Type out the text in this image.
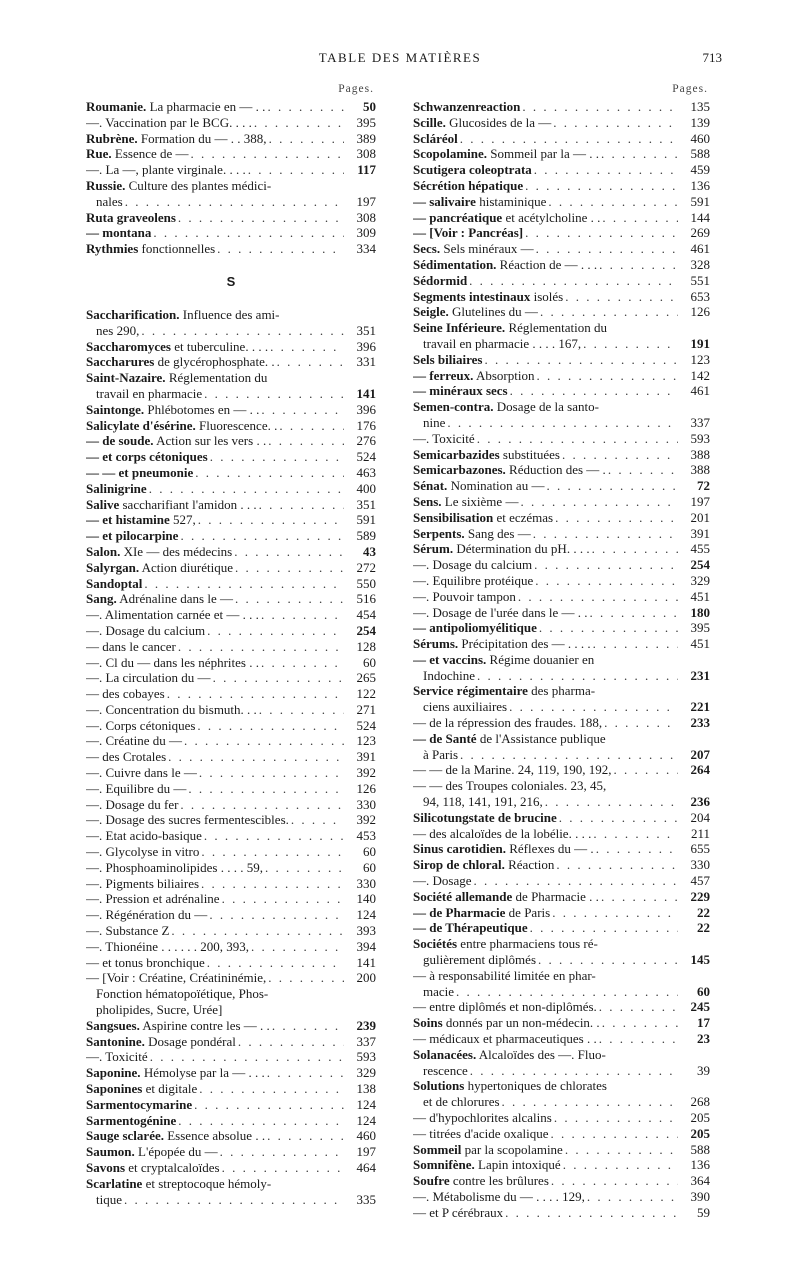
TABLE DES MATIÈRES	713
Pages.
Roumanie. La pharmacie en — . . . . .	50
—. Vaccination par le BCG. . . . . . .	395
Rubrène. Formation du — . . 388, . . .	389
Rue. Essence de — . . .	308
—. La —, plante virginale. . . . . . .	117
Russie. Culture des plantes médici-
nales . . .	197
Ruta graveolens . . .	308
— montana . . .	309
Rythmies fonctionnelles . . .	334
S
Saccharification. Influence des ami-
nes 290, . . .	351
Saccharomyces et tuberculine. . . . . . .	396
Saccharures de glycérophosphate. . . . .	331
Saint-Nazaire. Réglementation du
travail en pharmacie . . .	141
Saintonge. Phlébotomes en — . . . . .	396
Salicylate d'ésérine. Fluorescence. . . . .	176
— de soude. Action sur les vers . . . . .	276
— et corps cétoniques . . .	524
— — et pneumonie . . .	463
Salinigrine . . .	400
Salive saccharifiant l'amidon . . . . . .	351
— et histamine 527, . . .	591
— et pilocarpine . . .	589
Salon. XIe — des médecins . . .	43
Salyrgan. Action diurétique . . .	272
Sandoptal . . .	550
Sang. Adrénaline dans le — . . .	516
—. Alimentation carnée et — . . . . . .	454
—. Dosage du calcium . . .	254
— dans le cancer . . .	128
—. Cl du — dans les néphrites . . . . .	60
—. La circulation du — . . .	265
— des cobayes . . .	122
—. Concentration du bismuth. . . . . .	271
—. Corps cétoniques . . .	524
—. Créatine du — . . .	123
— des Crotales . . .	391
—. Cuivre dans le — . . .	392
—. Equilibre du — . . .	126
—. Dosage du fer . . .	330
—. Dosage des sucres fermentescibles. . . .	392
—. Etat acido-basique . . .	453
—. Glycolyse in vitro . . .	60
—. Phosphoaminolipides . . . . 59, . . .	60
—. Pigments biliaires . . .	330
—. Pression et adrénaline . . .	140
—. Régénération du — . . .	124
—. Substance Z . . .	393
—. Thionéine . . . . . . 200, 393, . . .	394
— et tonus bronchique . . .	141
— [Voir : Créatine, Créatininémie, . . .	200
Fonction hématopoïétique, Phos-
pholipides, Sucre, Urée]
Sangsues. Aspirine contre les — . . . . .	239
Santonine. Dosage pondéral . . .	337
—. Toxicité . . .	593
Saponine. Hémolyse par la — . . . . . .	329
Saponines et digitale . . .	138
Sarmentocymarine . . .	124
Sarmentogénine . . .	124
Sauge sclarée. Essence absolue . . . . .	460
Saumon. L'épopée du — . . .	197
Savons et cryptalcaloïdes . . .	464
Scarlatine et streptocoque hémoly-
tique . . .	335
Pages.
Schwanzenreaction . . .	135
Scille. Glucosides de la — . . .	139
Scláréol . . .	460
Scopolamine. Sommeil par la — . . . . .	588
Scutigera coleoptrata . . .	459
Sécrétion hépatique . . .	136
— salivaire histaminique . . .	591
— pancréatique et acétylcholine . . . . .	144
— [Voir : Pancréas] . . .	269
Secs. Sels minéraux — . . .	461
Sédimentation. Réaction de — . . . . . .	328
Sédormid . . .	551
Segments intestinaux isolés . . .	653
Seigle. Glutelines du — . . .	126
Seine Inférieure. Réglementation du
travail en pharmacie . . . . 167, . . .	191
Sels biliaires . . .	123
— ferreux. Absorption . . .	142
— minéraux secs . . .	461
Semen-contra. Dosage de la santo-
nine . . .	337
—. Toxicité . . .	593
Semicarbazides substituées . . .	388
Semicarbazones. Réduction des — . . . .	388
Sénat. Nomination au — . . .	72
Sens. Le sixième — . . .	197
Sensibilisation et eczémas . . .	201
Serpents. Sang des — . . .	391
Sérum. Détermination du pH. . . . . . .	455
—. Dosage du calcium . . .	254
—. Equilibre protéique . . .	329
—. Pouvoir tampon . . .	451
—. Dosage de l'urée dans le — . . . . .	180
— antipoliomyélitique . . .	395
Sérums. Précipitation des — . . . . . . .	451
— et vaccins. Régime douanier en
Indochine . . .	231
Service régimentaire des pharma-
ciens auxiliaires . . .	221
— de la répression des fraudes. 188, . . .	233
— de Santé de l'Assistance publique
à Paris . . .	207
— — de la Marine. 24, 119, 190, 192, . . .	264
— — des Troupes coloniales. 23, 45,
94, 118, 141, 191, 216, . . .	236
Silicotungstate de brucine . . .	204
— des alcaloïdes de la lobélie. . . . . . .	211
Sinus carotidien. Réflexes du — . . . .	655
Sirop de chloral. Réaction . . .	330
—. Dosage . . .	457
Société allemande de Pharmacie . . . . .	229
— de Pharmacie de Paris . . .	22
— de Thérapeutique . . .	22
Sociétés entre pharmaciens tous ré-
gulièrement diplômés . . .	145
— à responsabilité limitée en phar-
macie . . .	60
— entre diplômés et non-diplômés. . . .	245
Soins donnés par un non-médecin. . . . .	17
— médicaux et pharmaceutiques . . . . .	23
Solanacées. Alcaloïdes des —. Fluo-
rescence . . .	39
Solutions hypertoniques de chlorates
et de chlorures . . .	268
— d'hypochlorites alcalins . . .	205
— titrées d'acide oxalique . . .	205
Sommeil par la scopolamine . . .	588
Somnifène. Lapin intoxiqué . . .	136
Soufre contre les brûlures . . .	364
—. Métabolisme du — . . . . 129, . . .	390
— et P cérébraux . . .	59
